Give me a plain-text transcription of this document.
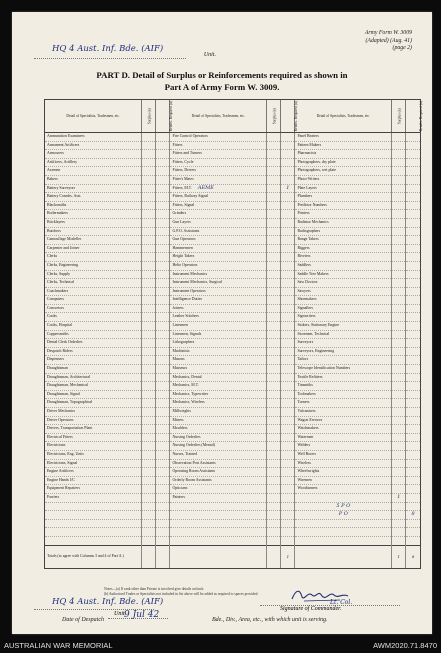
HQ 4 Aust. Inf. Bde. (AIF)
Unit.
Army Form W. 3009
(Adapted) (Aug. 41)
(page 2)
PART D. Detail of Surplus or Reinforcements required as shown in
Part A of Army Form W. 3009.
Detail of Specialists, Tradesmen, etc.	Surplus (a)	Reinfts. Required (a)	Detail of Specialists, Tradesmen, etc.	Surplus (a)	Reinfts. Required (a)	Detail of Specialists, Tradesmen, etc.	Surplus (a)	Reinfts. Required (a)
Ammunition Examiners			Fire Control Operators			Panel Beaters		
Armament Artificers			Fitters			Pattern Makers		
Armourers			Fitters and Turners			Pharmacists		
Artificers, Artillery			Fitters, Cycle			Photographers, dry plate		
Axemen			Fitters, Drivers			Photographers, wet plate		
Bakers			Fitter's Mates			Photo-Writers		
Battery Surveyors			Fitters, M.T. AEME		1	Plate Layers		
Battery Comdrs. Asst.			Fitters, Railway Signal			Plumbers		
Blacksmiths			Fitters, Signal			Predictor Numbers		
Boilermakers			Grinders			Printers		
Bricklayers			Gun Layers			Radiator Mechanics		
Butchers			G.P.O. Assistants			Radiographers		
Camouflage Modeller			Gun Operators			Range Takers		
Carpenter and Joiner			Hammermen			Riggers		
Clerks			Height Takers			Riveters		
Clerks, Engineering			Helio Operators			Saddlers		
Clerks, Supply			Instrument Mechanics			Saddle Tree Makers		
Clerks, Technical			Instrument Mechanics, Surgical			Saw Doctors		
Coachmakers			Instrument Operators			Sawyers		
Computers			Intelligence Duties			Shoemakers		
Concretors			Joiners			Signallers		
Cooks			Leather Stitchers			Signwriters		
Cooks, Hospital			Linesmen			Stokers, Stationary Engine		
Coppersmiths			Linesmen, Signals			Storemen, Technical		
Dental Clerk Orderlies			Lithographers			Surveyors		
Despatch Riders			Machinists			Surveyors, Engineering		
Dispensers			Masons			Tailors		
Draughtsman			Masseurs			Telescope Identification Numbers		
Draughtsman, Architectural			Mechanics, Dental			Textile Refitters		
Draughtsman, Mechanical			Mechanics, M.T.			Tinsmiths		
Draughtsman, Signal			Mechanics, Typewriter			Toolmakers		
Draughtsman, Topographical			Mechanics, Wireless			Turners		
Driver Mechanics			Millwrights			Vulcanisers		
Driver Operators			Miners			Wagon Erectors		
Drivers, Transportation Plant			Moulders			Watchmakers		
Electrical Fitters			Nursing Orderlies			Watermen		
Electricians			Nursing Orderlies (Mental)			Welders		
Electricians, Eng. Units			Nurses, Trained			Well Borers		
Electricians, Signal			Observation Post Assistants			Wireless		
Engine Artificers			Operating Room Assistants			Wheelwrights		
Engine Hands I/C			Orderly Room Assistants			Wiremen		
Equipment Repairers			Opticians			Woodturners		
Farriers			Painters				1	
						5 P O		
						P O		8

Totals (to agree with Columns 3 and 4 of Part A.)					1		1	8
Notes—(a) If rank other than Private is involved give details on back.
(b) Authorised Trades or Specialists not included in list above will be added as required to spaces provided.
HQ 4 Aust. Inf. Bde. (AIF)
Unit.
Lt. Col.
Signature of Commander.
Date of Despatch	9 Jul 42	Bde., Div., Area, etc., with which unit is serving.
AUSTRALIAN WAR MEMORIAL	AWM2020.71.8470
